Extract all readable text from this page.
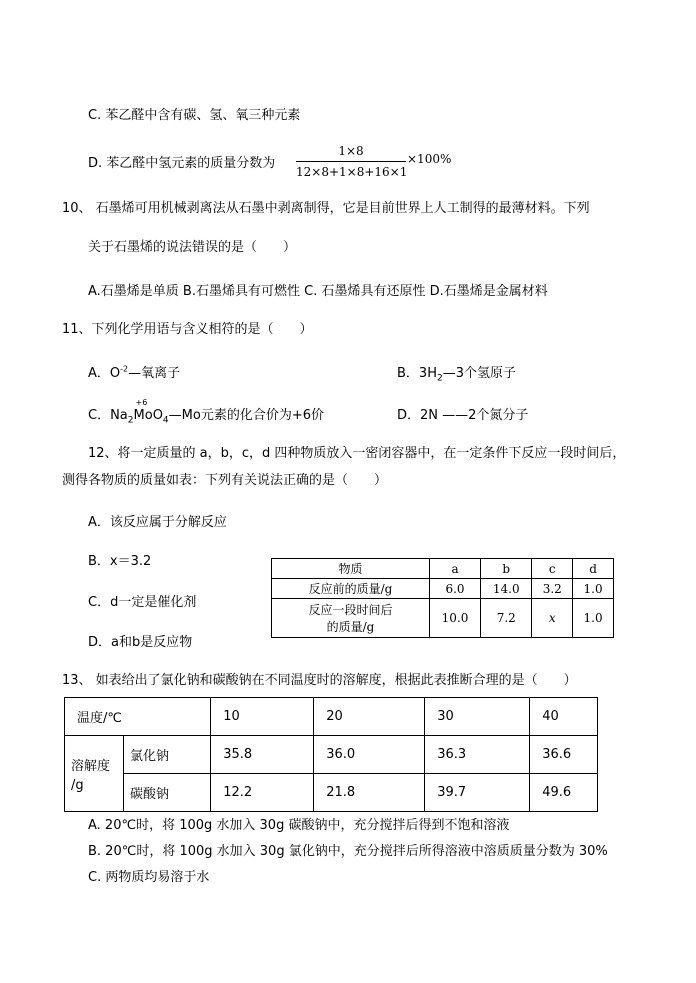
C. 苯乙醛中含有碳、氢、氧三种元素
D. 苯乙醛中氢元素的质量分数为
1×8
12×8+1×8+16×1
×100%
10、 石墨烯可用机械剥离法从石墨中剥离制得，它是目前世界上人工制得的最薄材料。下列
关于石墨烯的说法错误的是（　　）
A.石墨烯是单质 B.石墨烯具有可燃性 C. 石墨烯具有还原性 D.石墨烯是金属材料
11、下列化学用语与含义相符的是（　　）
A．$O^{-2}—$氧离子	B．$3H_2—3$个氢原子
C．$Na_2$
+6
MoO$_4$—Mo元素的化合价为+6价	D．2N ——2个氮分子
12、将一定质量的 a，b，c，d 四种物质放入一密闭容器中，在一定条件下反应一段时间后，
测得各物质的质量如表：下列有关说法正确的是（　　）
A．该反应属于分解反应
B．x＝3.2
C．d一定是催化剂
D．a和b是反应物
物质	a	b	c	d
反应前的质量/g	6.0	14.0	3.2	1.0

反应一段时间后
的质量/g	10.0	7.2	x	1.0
13、 如表给出了氯化钠和碳酸钠在不同温度时的溶解度，根据此表推断合理的是（　　）
温度/℃		10	20	30	40

溶解度
/g	氯化钠	35.8	36.0	36.3	36.6
	碳酸钠	12.2	21.8	39.7	49.6
A. 20℃时，将 100g 水加入 30g 碳酸钠中，充分搅拌后得到不饱和溶液
B. 20℃时，将 100g 水加入 30g 氯化钠中，充分搅拌后所得溶液中溶质质量分数为 30%
C. 两物质均易溶于水
